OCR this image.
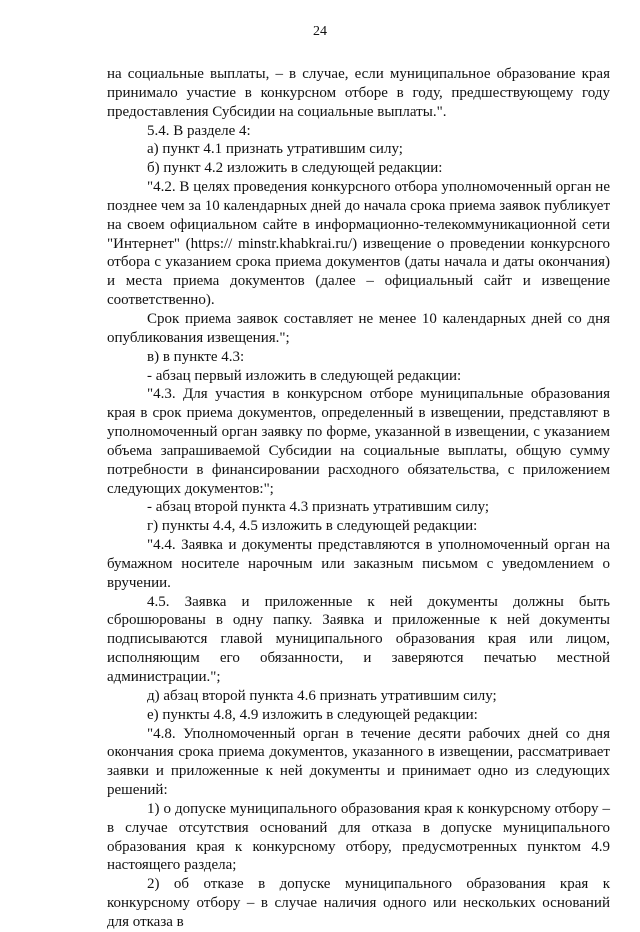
24

на социальные выплаты, – в случае, если муниципальное образование края принимало участие в конкурсном отборе в году, предшествующему году предоставления Субсидии на социальные выплаты.".

5.4. В разделе 4:

а) пункт 4.1 признать утратившим силу;

б) пункт 4.2 изложить в следующей редакции:

"4.2. В целях проведения конкурсного отбора уполномоченный орган не позднее чем за 10 календарных дней до начала срока приема заявок публикует на своем официальном сайте в информационно-телекоммуникационной сети "Интернет" (https:// minstr.khabkrai.ru/) извещение о проведении конкурсного отбора с указанием срока приема документов (даты начала и даты окончания) и места приема документов (далее – официальный сайт и извещение соответственно).

Срок приема заявок составляет не менее 10 календарных дней со дня опубликования извещения.";

в) в пункте 4.3:

- абзац первый изложить в следующей редакции:

"4.3. Для участия в конкурсном отборе муниципальные образования края в срок приема документов, определенный в извещении, представляют в уполномоченный орган заявку по форме, указанной в извещении, с указанием объема запрашиваемой Субсидии на социальные выплаты, общую сумму потребности в финансировании расходного обязательства, с приложением следующих документов:";

- абзац второй пункта 4.3 признать утратившим силу;

г) пункты 4.4, 4.5 изложить в следующей редакции:

"4.4. Заявка и документы представляются в уполномоченный орган на бумажном носителе нарочным или заказным письмом с уведомлением о вручении.

4.5. Заявка и приложенные к ней документы должны быть сброшюрованы в одну папку. Заявка и приложенные к ней документы подписываются главой муниципального образования края или лицом, исполняющим его обязанности, и заверяются печатью местной администрации.";

д) абзац второй пункта 4.6 признать утратившим силу;

е) пункты 4.8, 4.9 изложить в следующей редакции:

"4.8. Уполномоченный орган в течение десяти рабочих дней со дня окончания срока приема документов, указанного в извещении, рассматривает заявки и приложенные к ней документы и принимает одно из следующих решений:

1) о допуске муниципального образования края к конкурсному отбору – в случае отсутствия оснований для отказа в допуске муниципального образования края к конкурсному отбору, предусмотренных пунктом 4.9 настоящего раздела;

2) об отказе в допуске муниципального образования края к конкурсному отбору – в случае наличия одного или нескольких оснований для отказа в
